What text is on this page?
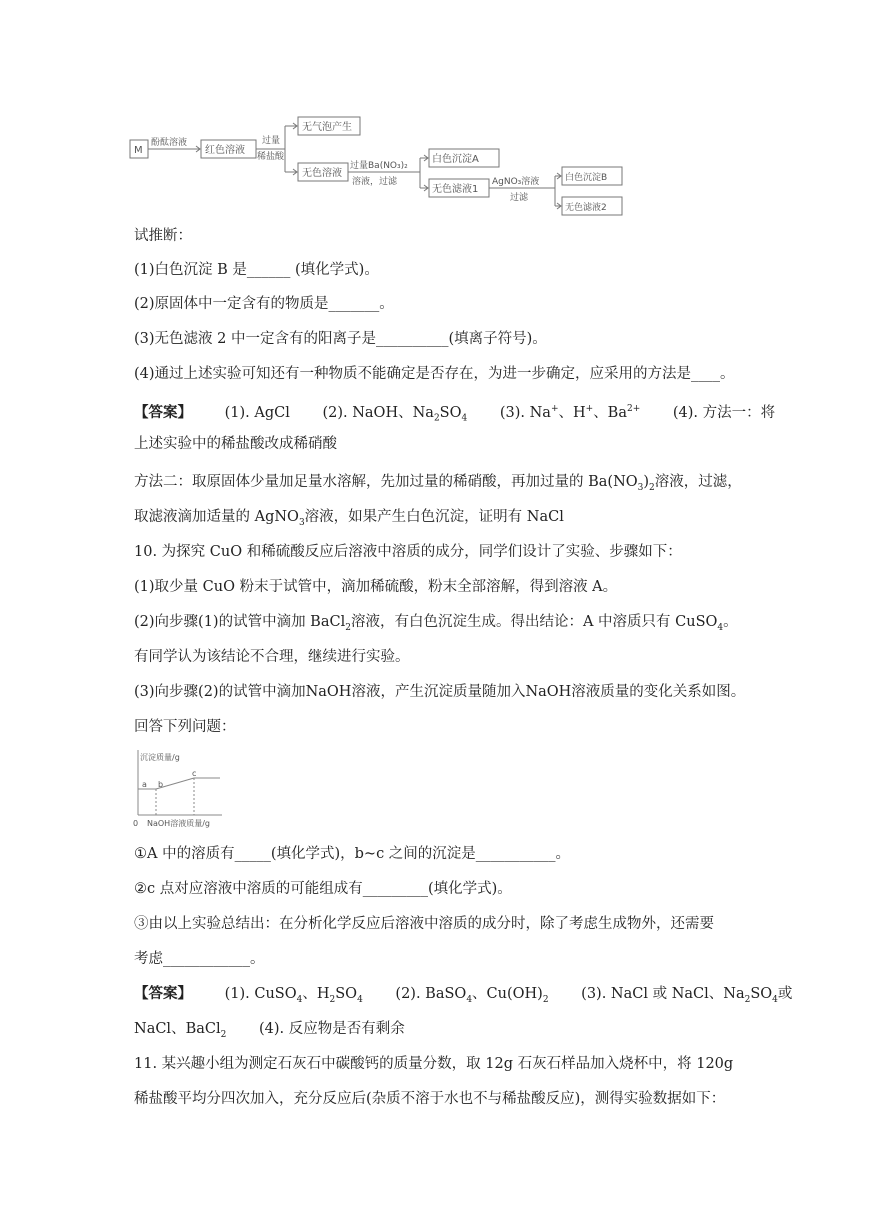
M
酚酞溶液
红色溶液
过量
稀盐酸
无气泡产生
无色溶液
过量Ba(NO₃)₂
溶液，过滤
白色沉淀A
无色滤液1
AgNO₃溶液
过滤
白色沉淀B
无色滤液2
试推断：
(1)白色沉淀 B 是______ (填化学式)。
(2)原固体中一定含有的物质是_______。
(3)无色滤液 2 中一定含有的阳离子是__________(填离子符号)。
(4)通过上述实验可知还有一种物质不能确定是否存在，为进一步确定，应采用的方法是____。
【答案】 (1). AgCl (2). NaOH、$Na_2SO_4$ (3). Na+、H+、$Ba^{2+}$ (4). 方法一：将
上述实验中的稀盐酸改成稀硝酸
方法二：取原固体少量加足量水溶解，先加过量的稀硝酸，再加过量的 $Ba(NO_3)_2$溶液，过滤，
取滤液滴加适量的 AgNO$_3$溶液，如果产生白色沉淀，证明有 NaCl
10. 为探究 CuO 和稀硫酸反应后溶液中溶质的成分，同学们设计了实验、步骤如下：
(1)取少量 CuO 粉末于试管中，滴加稀硫酸，粉末全部溶解，得到溶液 A。
(2)向步骤(1)的试管中滴加 BaCl$_2$溶液，有白色沉淀生成。得出结论：A 中溶质只有 CuSO$_4$。
有同学认为该结论不合理，继续进行实验。
(3)向步骤(2)的试管中滴加NaOH溶液，产生沉淀质量随加入NaOH溶液质量的变化关系如图。
回答下列问题：
沉淀质量/g
a b
c
0 NaOH溶液质量/g
①A 中的溶质有_____(填化学式)，b~c 之间的沉淀是___________。
②c 点对应溶液中溶质的可能组成有_________(填化学式)。
③由以上实验总结出：在分析化学反应后溶液中溶质的成分时，除了考虑生成物外，还需要
考虑____________。
【答案】 (1). CuSO$_4$、$H_2SO_4$ (2). BaSO$_4$、$Cu(OH)_2$ (3). NaCl 或 NaCl、$Na_2SO_4$或
NaCl、BaCl$_2$ (4). 反应物是否有剩余
11. 某兴趣小组为测定石灰石中碳酸钙的质量分数，取 12g 石灰石样品加入烧杯中，将 120g
稀盐酸平均分四次加入，充分反应后(杂质不溶于水也不与稀盐酸反应)，测得实验数据如下：
